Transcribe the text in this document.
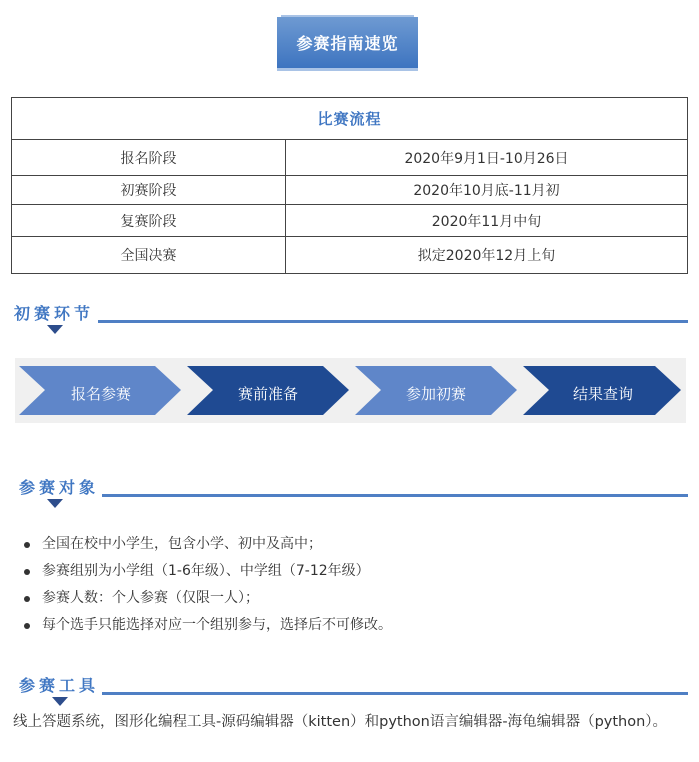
参赛指南速览
比赛流程	
报名阶段	2020年9月1日-10月26日
初赛阶段	2020年10月底-11月初
复赛阶段	2020年11月中旬
全国决赛	拟定2020年12月上旬
初赛环节
报名参赛	赛前准备	参加初赛	结果查询
参赛对象
全国在校中小学生，包含小学、初中及高中；
参赛组别为小学组（1-6年级）、中学组（7-12年级）
参赛人数：个人参赛（仅限一人）；
每个选手只能选择对应一个组别参与，选择后不可修改。
参赛工具
线上答题系统，图形化编程工具-源码编辑器（kitten）和python语言编辑器-海龟编辑器（python）。
